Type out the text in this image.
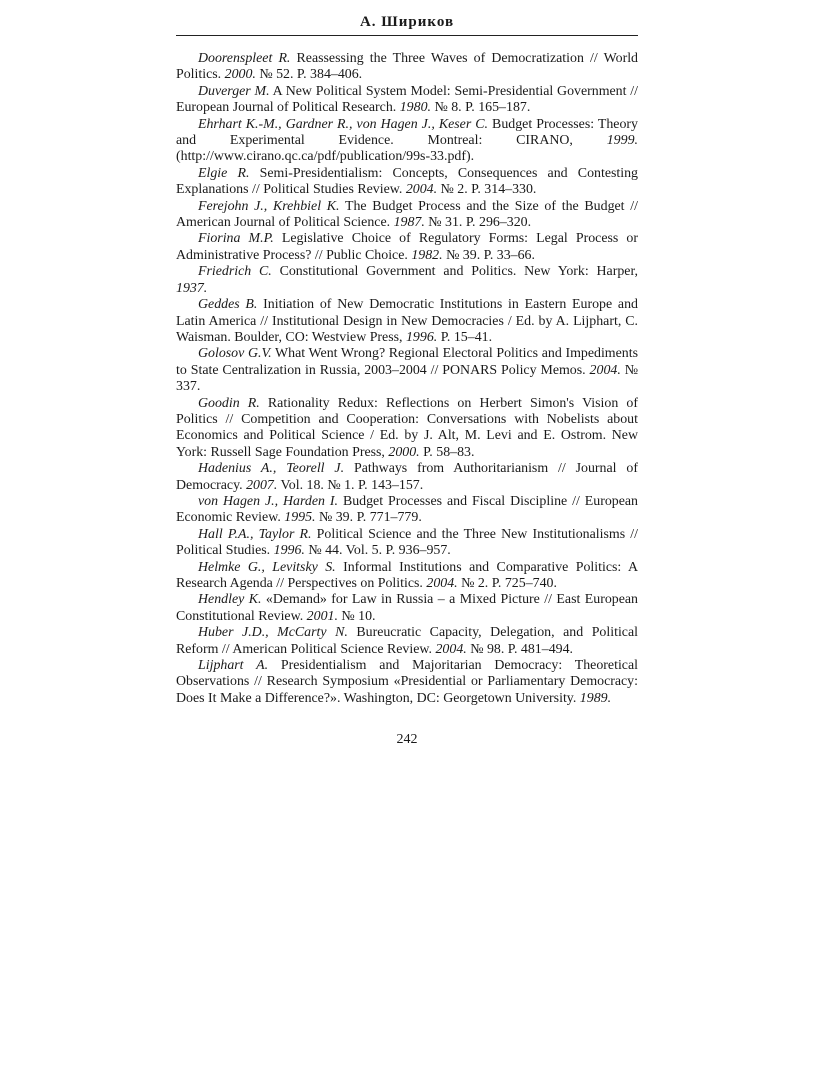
А. Шириков

Doorenspleet R. Reassessing the Three Waves of Democratization // World Politics. 2000. № 52. P. 384–406.

Duverger M. A New Political System Model: Semi-Presidential Government // European Journal of Political Research. 1980. № 8. P. 165–187.

Ehrhart K.-M., Gardner R., von Hagen J., Keser C. Budget Processes: Theory and Experimental Evidence. Montreal: CIRANO, 1999. (http://www.cirano.qc.ca/pdf/publication/99s-33.pdf).

Elgie R. Semi-Presidentialism: Concepts, Consequences and Contesting Explanations // Political Studies Review. 2004. № 2. P. 314–330.

Ferejohn J., Krehbiel K. The Budget Process and the Size of the Budget // American Journal of Political Science. 1987. № 31. P. 296–320.

Fiorina M.P. Legislative Choice of Regulatory Forms: Legal Process or Administrative Process? // Public Choice. 1982. № 39. P. 33–66.

Friedrich C. Constitutional Government and Politics. New York: Harper, 1937.

Geddes B. Initiation of New Democratic Institutions in Eastern Europe and Latin America // Institutional Design in New Democracies / Ed. by A. Lijphart, C. Waisman. Boulder, CO: Westview Press, 1996. P. 15–41.

Golosov G.V. What Went Wrong? Regional Electoral Politics and Impediments to State Centralization in Russia, 2003–2004 // PONARS Policy Memos. 2004. № 337.

Goodin R. Rationality Redux: Reflections on Herbert Simon's Vision of Politics // Competition and Cooperation: Conversations with Nobelists about Economics and Political Science / Ed. by J. Alt, M. Levi and E. Ostrom. New York: Russell Sage Foundation Press, 2000. P. 58–83.

Hadenius A., Teorell J. Pathways from Authoritarianism // Journal of Democracy. 2007. Vol. 18. № 1. P. 143–157.

von Hagen J., Harden I. Budget Processes and Fiscal Discipline // European Economic Review. 1995. № 39. P. 771–779.

Hall P.A., Taylor R. Political Science and the Three New Institutionalisms // Political Studies. 1996. № 44. Vol. 5. P. 936–957.

Helmke G., Levitsky S. Informal Institutions and Comparative Politics: A Research Agenda // Perspectives on Politics. 2004. № 2. P. 725–740.

Hendley K. «Demand» for Law in Russia – a Mixed Picture // East European Constitutional Review. 2001. № 10.

Huber J.D., McCarty N. Bureucratic Capacity, Delegation, and Political Reform // American Political Science Review. 2004. № 98. P. 481–494.

Lijphart A. Presidentialism and Majoritarian Democracy: Theoretical Observations // Research Symposium «Presidential or Parliamentary Democracy: Does It Make a Difference?». Washington, DC: Georgetown University. 1989.

242
